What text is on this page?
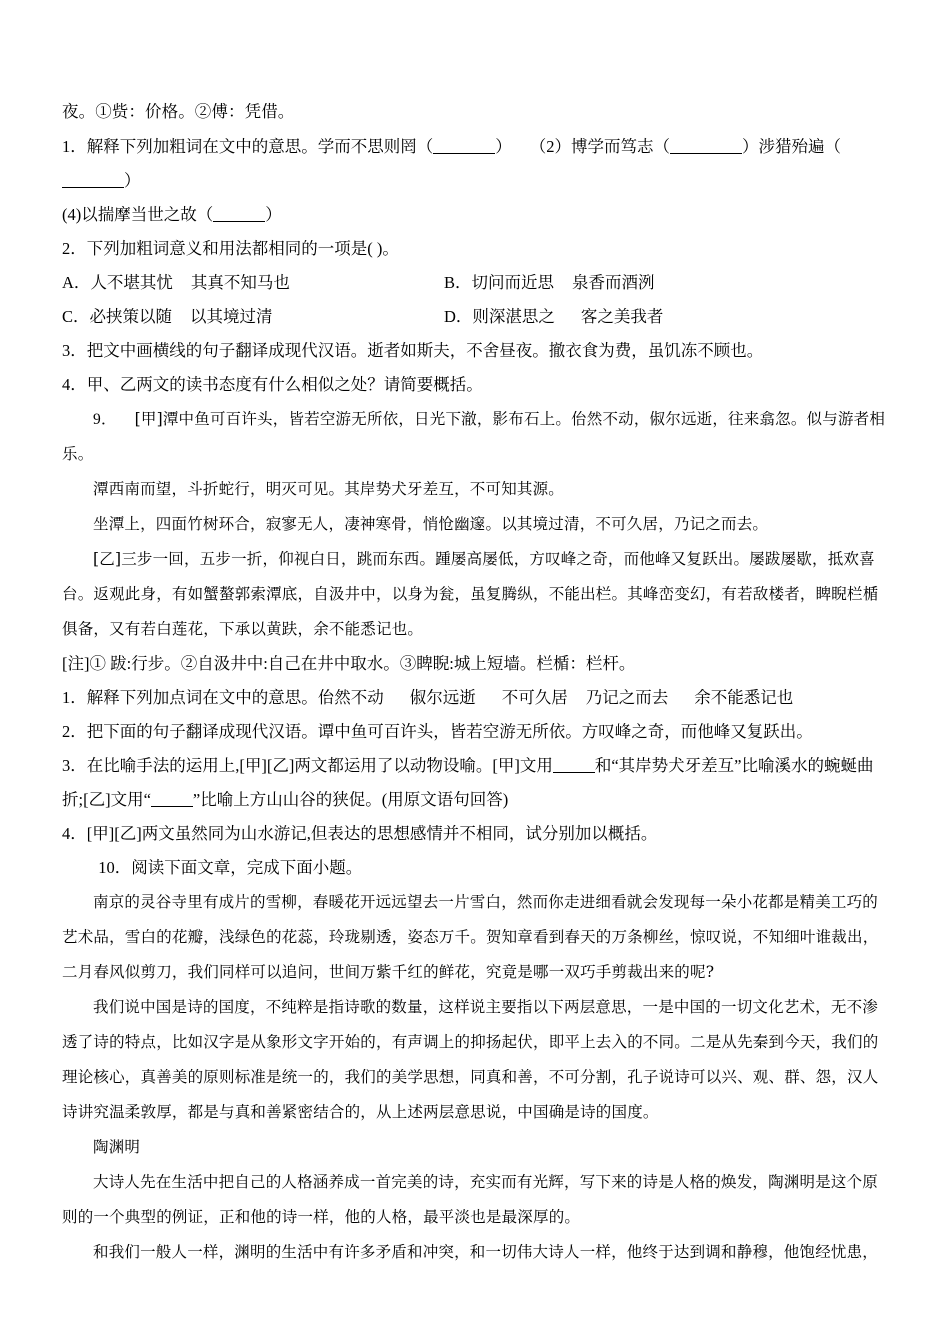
夜。①赀：价格。②傅：凭借。

1．解释下列加粗词在文中的意思。学而不思则罔（	） （2）博学而笃志（	）涉猎殆遍（）

(4)以揣摩当世之故（	）

2．下列加粗词意义和用法都相同的一项是( )。

A．人不堪其忧 其真不知马也	B．切问而近思 泉香而酒洌
C．必挟策以随 以其境过清	D．则深湛思之 客之美我者

3．把文中画横线的句子翻译成现代汉语。逝者如斯夫，不舍昼夜。撤衣食为费，虽饥冻不顾也。

4．甲、乙两文的读书态度有什么相似之处？请简要概括。

9． [甲]潭中鱼可百许头，皆若空游无所依，日光下澈，影布石上。佁然不动，俶尔远逝，往来翕忽。似与游者相乐。

潭西南而望，斗折蛇行，明灭可见。其岸势犬牙差互，不可知其源。

坐潭上，四面竹树环合，寂寥无人，凄神寒骨，悄怆幽邃。以其境过清，不可久居，乃记之而去。

[乙]三步一回，五步一折，仰视白日，跳而东西。踵屡高屡低，方叹峰之奇，而他峰又复跃出。屡跋屡歇，抵欢喜台。返观此身，有如蟹螯郭索潭底，自汲井中，以身为瓮，虽复腾纵，不能出栏。其峰峦变幻，有若敌楼者，睥睨栏楯俱备，又有若白莲花，下承以黄趺，余不能悉记也。

[注]① 跋:行步。②自汲井中:自己在井中取水。③睥睨:城上短墙。栏楯：栏杆。

1．解释下列加点词在文中的意思。佁然不动 俶尔远逝 不可久居 乃记之而去 余不能悉记也

2．把下面的句子翻译成现代汉语。谭中鱼可百许头，皆若空游无所依。方叹峰之奇，而他峰又复跃出。

3．在比喻手法的运用上,[甲][乙]两文都运用了以动物设喻。[甲]文用	和“其岸势犬牙差互”比喻溪水的蜿蜒曲折;[乙]文用“	”比喻上方山山谷的狭促。(用原文语句回答)

4．[甲][乙]两文虽然同为山水游记,但表达的思想感情并不相同，试分别加以概括。

10．阅读下面文章，完成下面小题。

南京的灵谷寺里有成片的雪柳，春暖花开远远望去一片雪白，然而你走进细看就会发现每一朵小花都是精美工巧的艺术品，雪白的花瓣，浅绿色的花蕊，玲珑剔透，姿态万千。贺知章看到春天的万条柳丝，惊叹说，不知细叶谁裁出，二月春风似剪刀，我们同样可以追问，世间万紫千红的鲜花，究竟是哪一双巧手剪裁出来的呢?

我们说中国是诗的国度，不纯粹是指诗歌的数量，这样说主要指以下两层意思，一是中国的一切文化艺术，无不渗透了诗的特点，比如汉字是从象形文字开始的，有声调上的抑扬起伏，即平上去入的不同。二是从先秦到今天，我们的理论核心，真善美的原则标准是统一的，我们的美学思想，同真和善，不可分割，孔子说诗可以兴、观、群、怨，汉人诗讲究温柔敦厚，都是与真和善紧密结合的，从上述两层意思说，中国确是诗的国度。

陶渊明

大诗人先在生活中把自己的人格涵养成一首完美的诗，充实而有光辉，写下来的诗是人格的焕发，陶渊明是这个原则的一个典型的例证，正和他的诗一样，他的人格，最平淡也是最深厚的。

和我们一般人一样，渊明的生活中有许多矛盾和冲突，和一切伟大诗人一样，他终于达到调和静穆，他饱经忧患，
